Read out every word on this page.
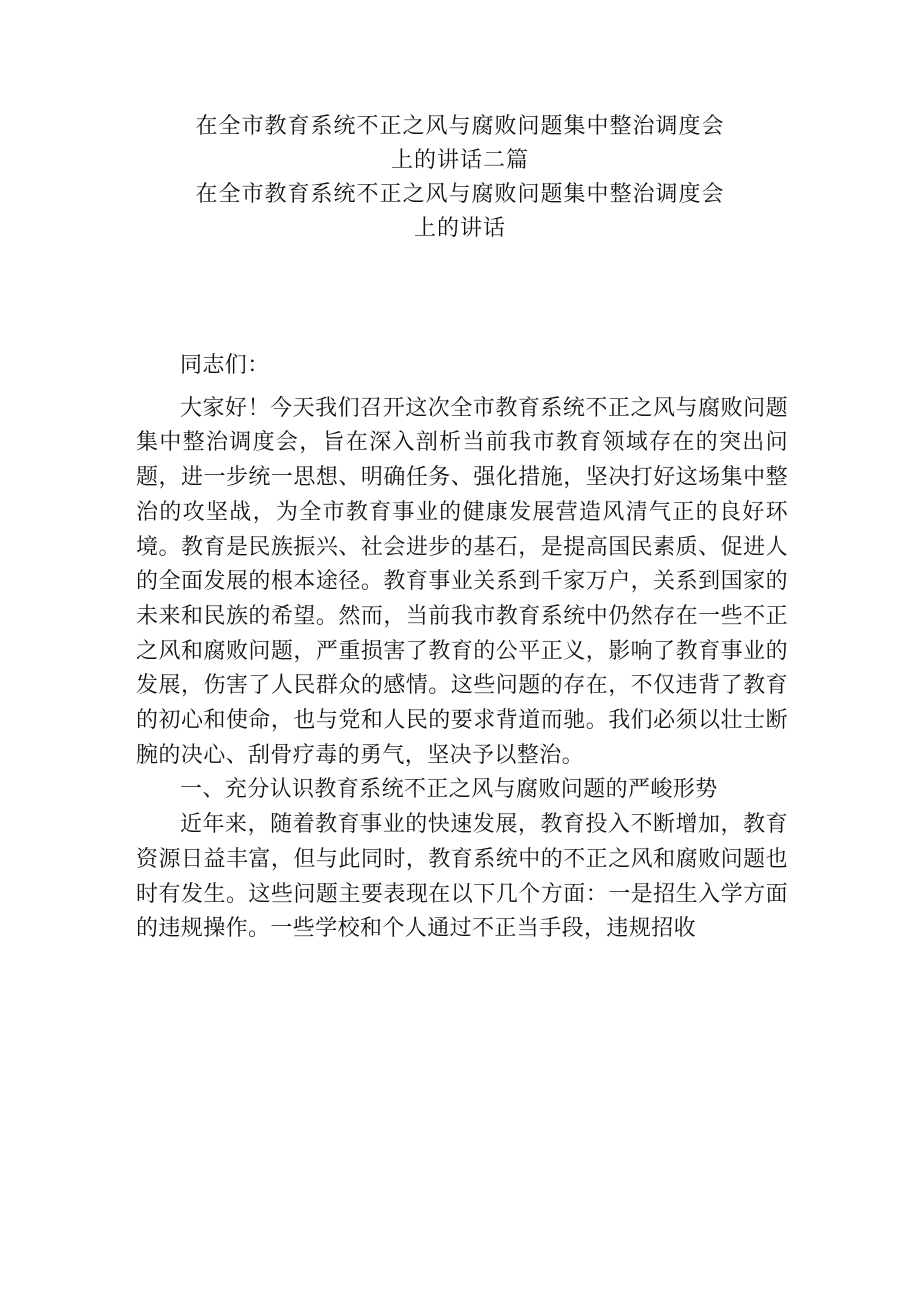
在全市教育系统不正之风与腐败问题集中整治调度会
上的讲话二篇
在全市教育系统不正之风与腐败问题集中整治调度会
上的讲话

同志们：

大家好！今天我们召开这次全市教育系统不正之风与腐败问题集中整治调度会，旨在深入剖析当前我市教育领域存在的突出问题，进一步统一思想、明确任务、强化措施，坚决打好这场集中整治的攻坚战，为全市教育事业的健康发展营造风清气正的良好环境。教育是民族振兴、社会进步的基石，是提高国民素质、促进人的全面发展的根本途径。教育事业关系到千家万户，关系到国家的未来和民族的希望。然而，当前我市教育系统中仍然存在一些不正之风和腐败问题，严重损害了教育的公平正义，影响了教育事业的发展，伤害了人民群众的感情。这些问题的存在，不仅违背了教育的初心和使命，也与党和人民的要求背道而驰。我们必须以壮士断腕的决心、刮骨疗毒的勇气，坚决予以整治。

一、充分认识教育系统不正之风与腐败问题的严峻形势

近年来，随着教育事业的快速发展，教育投入不断增加，教育资源日益丰富，但与此同时，教育系统中的不正之风和腐败问题也时有发生。这些问题主要表现在以下几个方面：一是招生入学方面的违规操作。一些学校和个人通过不正当手段，违规招收
